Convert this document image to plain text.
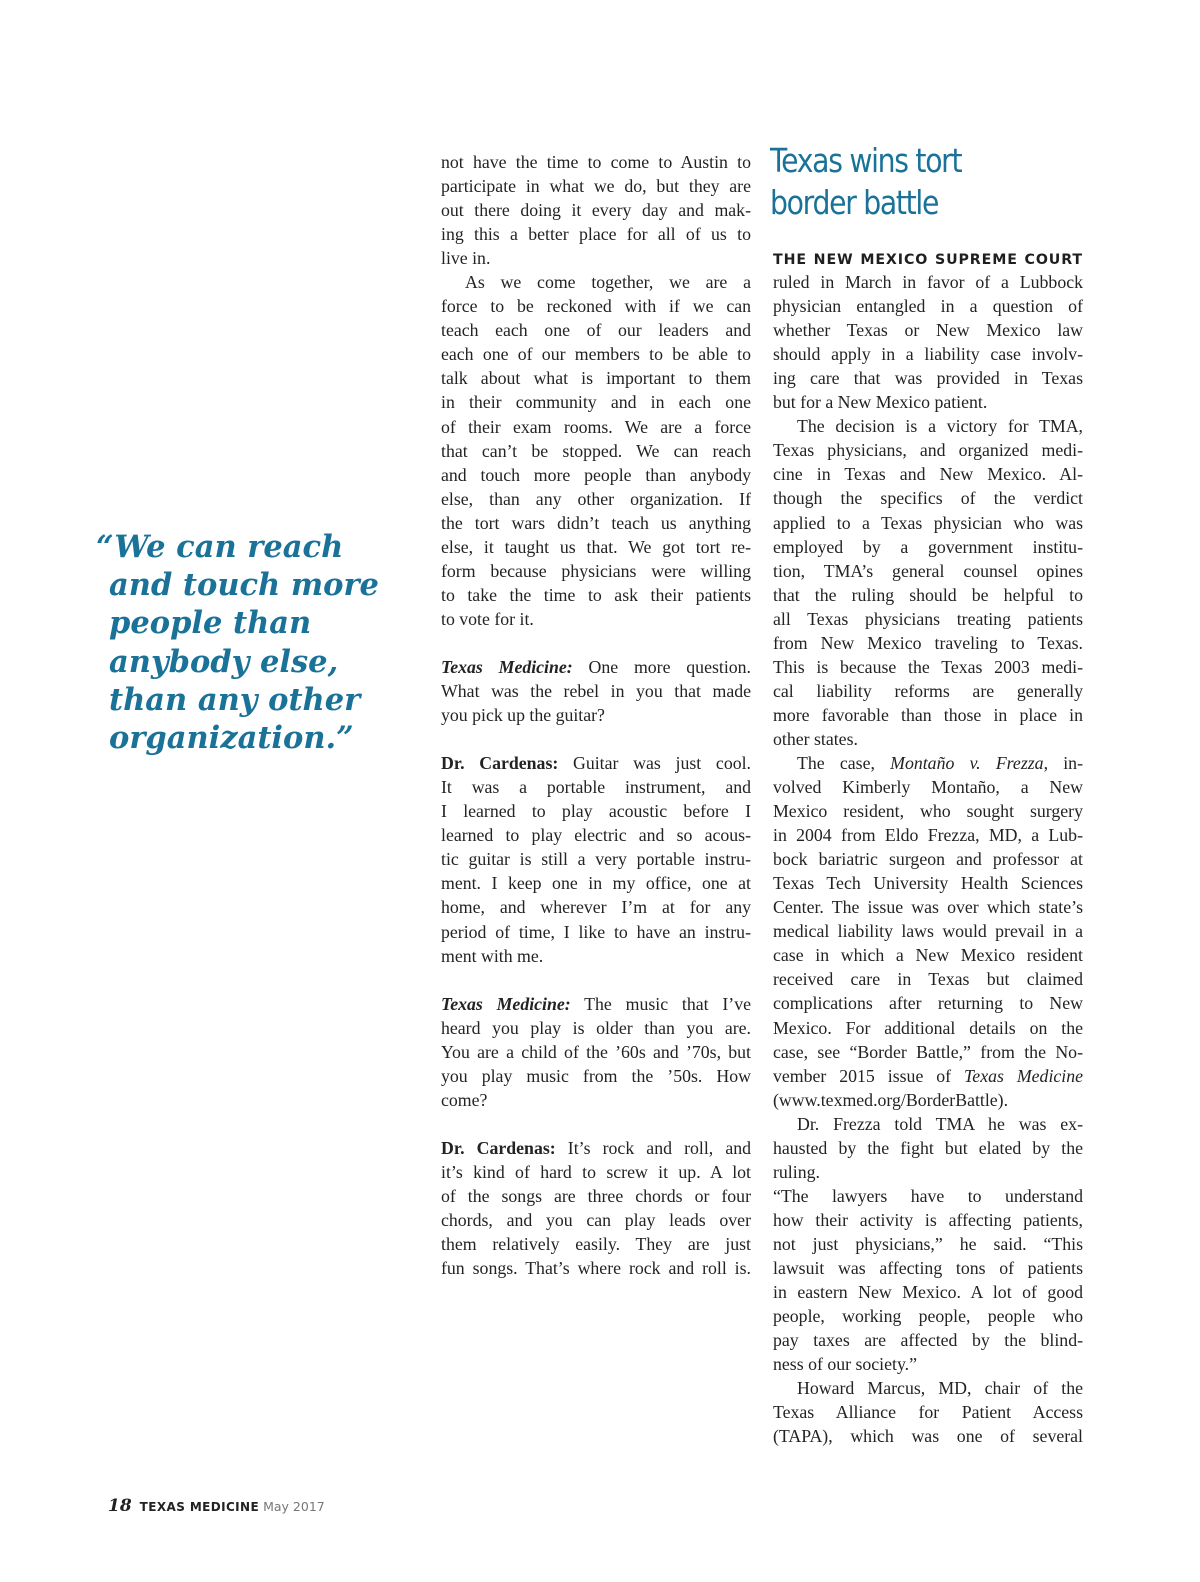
“We can reach
and touch more
people than
anybody else,
than any other
organization.”
not have the time to come to Austin to
participate in what we do, but they are
out there doing it every day and mak-
ing this a better place for all of us to
live in.
As we come together, we are a
force to be reckoned with if we can
teach each one of our leaders and
each one of our members to be able to
talk about what is important to them
in their community and in each one
of their exam rooms. We are a force
that can’t be stopped. We can reach
and touch more people than anybody
else, than any other organization. If
the tort wars didn’t teach us anything
else, it taught us that. We got tort re-
form because physicians were willing
to take the time to ask their patients
to vote for it.
Texas Medicine: One more question.
What was the rebel in you that made
you pick up the guitar?
Dr. Cardenas: Guitar was just cool.
It was a portable instrument, and
I learned to play acoustic before I
learned to play electric and so acous-
tic guitar is still a very portable instru-
ment. I keep one in my office, one at
home, and wherever I’m at for any
period of time, I like to have an instru-
ment with me.
Texas Medicine: The music that I’ve
heard you play is older than you are.
You are a child of the ’60s and ’70s, but
you play music from the ’50s. How
come?
Dr. Cardenas: It’s rock and roll, and
it’s kind of hard to screw it up. A lot
of the songs are three chords or four
chords, and you can play leads over
them relatively easily. They are just
fun songs. That’s where rock and roll is.
Texas wins tort
border battle
THE NEW MEXICO SUPREME COURT
ruled in March in favor of a Lubbock
physician entangled in a question of
whether Texas or New Mexico law
should apply in a liability case involv-
ing care that was provided in Texas
but for a New Mexico patient.
The decision is a victory for TMA,
Texas physicians, and organized medi-
cine in Texas and New Mexico. Al-
though the specifics of the verdict
applied to a Texas physician who was
employed by a government institu-
tion, TMA’s general counsel opines
that the ruling should be helpful to
all Texas physicians treating patients
from New Mexico traveling to Texas.
This is because the Texas 2003 medi-
cal liability reforms are generally
more favorable than those in place in
other states.
The case, Montaño v. Frezza, in-
volved Kimberly Montaño, a New
Mexico resident, who sought surgery
in 2004 from Eldo Frezza, MD, a Lub-
bock bariatric surgeon and professor at
Texas Tech University Health Sciences
Center. The issue was over which state’s
medical liability laws would prevail in a
case in which a New Mexico resident
received care in Texas but claimed
complications after returning to New
Mexico. For additional details on the
case, see “Border Battle,” from the No-
vember 2015 issue of Texas Medicine
(www.texmed.org/BorderBattle).
Dr. Frezza told TMA he was ex-
hausted by the fight but elated by the
ruling.
“The lawyers have to understand
how their activity is affecting patients,
not just physicians,” he said. “This
lawsuit was affecting tons of patients
in eastern New Mexico. A lot of good
people, working people, people who
pay taxes are affected by the blind-
ness of our society.”
Howard Marcus, MD, chair of the
Texas Alliance for Patient Access
(TAPA), which was one of several
18 TEXAS MEDICINE May 2017
